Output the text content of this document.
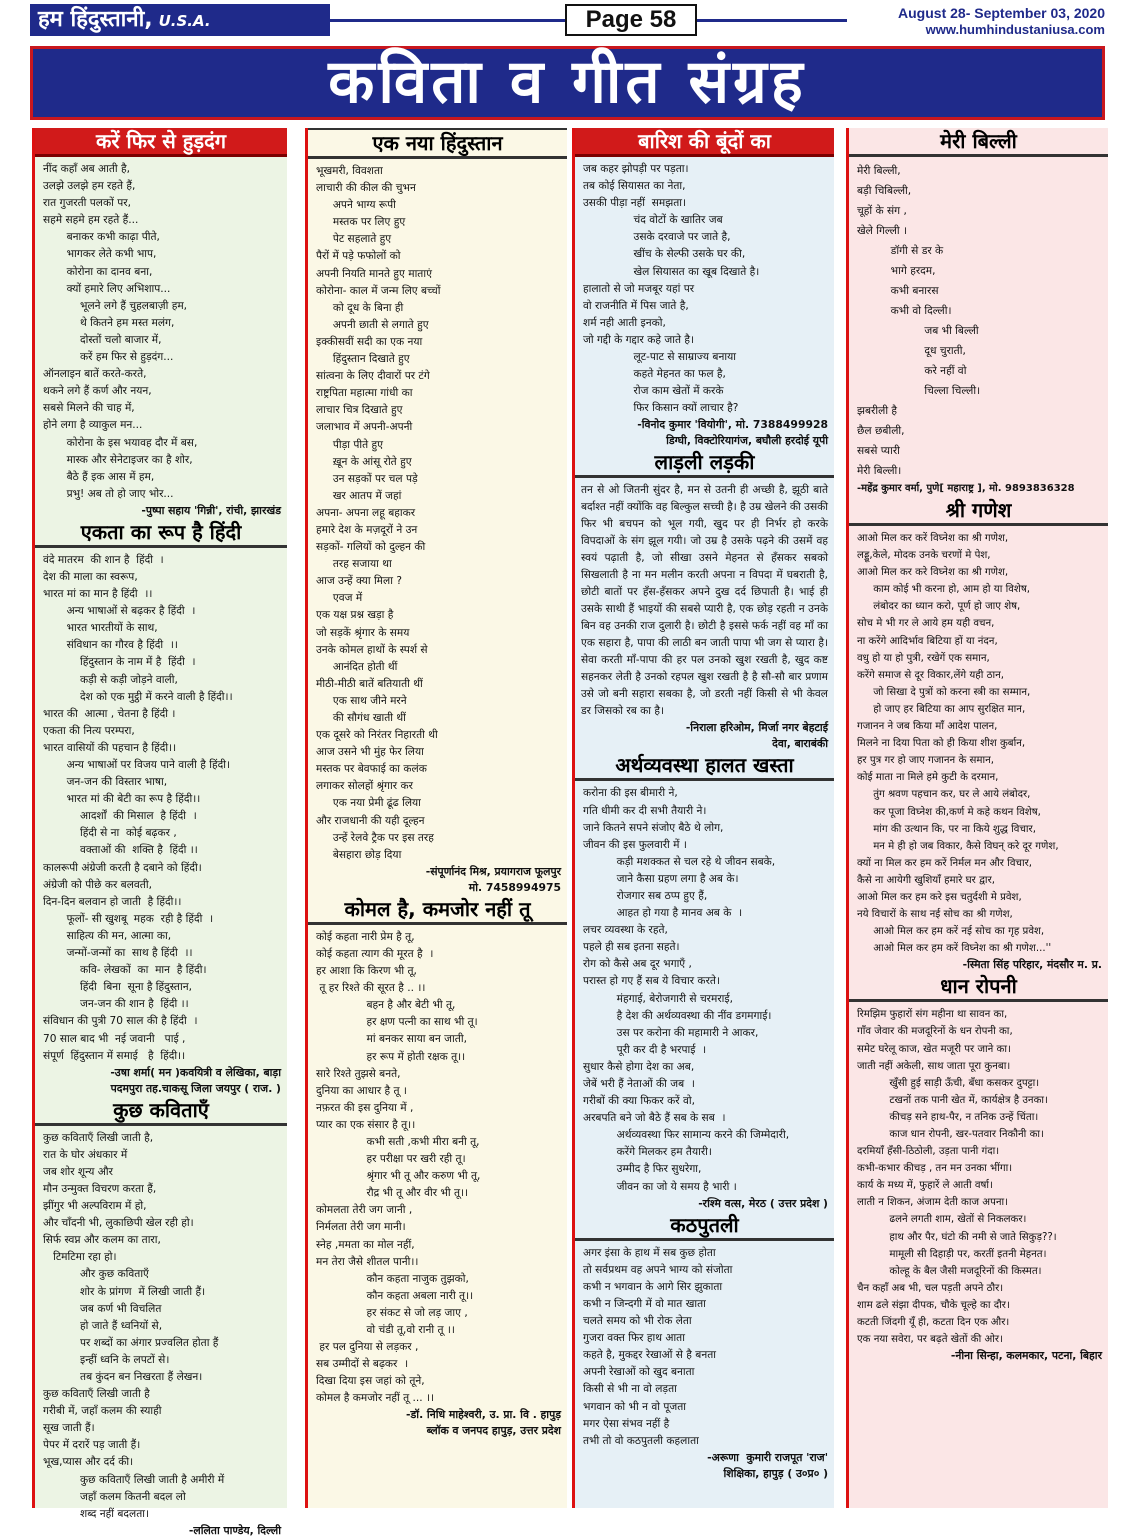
हम हिंदुस्तानी, U.S.A.	Page 58	August 28- September 03, 2020
www.humhindustaniusa.com
कविता व गीत संग्रह
करें फिर से हुड़दंग
नींद कहाँ अब आती है,
उलझे उलझे हम रहते हैं,
रात गुजरती पलकों पर,
सहमे सहमे हम रहते हैं...
बनाकर कभी काढ़ा पीते,
भागकर लेते कभी भाप,
कोरोना का दानव बना,
क्यों हमारे लिए अभिशाप...
भूलने लगे हैं चुहलबाज़ी हम,
थे कितने हम मस्त मलंग,
दोस्तों चलो बाजार में,
करें हम फिर से हुड़दंग...
ऑनलाइन बातें करते-करते,
थकने लगे हैं कर्ण और नयन,
सबसे मिलने की चाह में,
होने लगा है व्याकुल मन...
कोरोना के इस भयावह दौर में बस,
मास्क और सेनेटाइजर का है शोर,
बैठे हैं इक आस में हम,
प्रभु! अब तो हो जाए भोर...
-पुष्पा सहाय 'गिन्नी', रांची, झारखंड
एकता का रूप है हिंदी
वंदे मातरम  की शान है  हिंदी  ।
देश की माला का स्वरूप,
भारत मां का मान है हिंदी  ।।
अन्य भाषाओं से बढ़कर है हिंदी  ।
भारत भारतीयों के साथ,
संविधान का गौरव है हिंदी  ।।
हिंदुस्तान के नाम में है  हिंदी  ।
कड़ी से कड़ी जोड़ने वाली,
देश को एक मुट्ठी में करने वाली है हिंदी।।
भारत की  आत्मा , चेतना है हिंदी ।
एकता की नित्य परम्परा,
भारत वासियों की पहचान है हिंदी।।
अन्य भाषाओं पर विजय पाने वाली है हिंदी।
जन-जन की विस्तार भाषा,
भारत मां की बेटी का रूप है हिंदी।।
आदर्शों  की मिसाल  है हिंदी  ।
हिंदी से ना  कोई बढ़कर ,
वक्ताओं की  शक्ति है  हिंदी ।।
कालरूपी अंग्रेजी करती है दबाने को हिंदी।
अंग्रेजी को पीछे कर बलवती,
दिन-दिन बलवान हो जाती  है हिंदी।।
फूलों- सी खुशबू  महक  रही है हिंदी  ।
साहित्य की मन, आत्मा का,
जन्मों-जन्मों का  साथ है हिंदी  ।।
कवि- लेखकों  का  मान  है हिंदी।
हिंदी  बिना  सूना है हिंदुस्तान,
जन-जन की शान है  हिंदी ।।
संविधान की पुत्री 70 साल की है हिंदी  ।
70 साल बाद भी  नई जवानी   पाई ,
संपूर्ण  हिंदुस्तान में समाई   है  हिंदी।।
-उषा शर्मा( मन )कवयित्री व लेखिका, बाड़ा
पदमपुरा तह.चाकसू जिला जयपुर ( राज. )
कुछ कविताएँ
कुछ कविताएँ लिखी जाती है,
रात के घोर अंधकार में
जब शोर शून्य और
मौन उन्मुक्त विचरण करता हैं,
झींगुर भी अल्पविराम में हो,
और चाँदनी भी, लुकाछिपी खेल रही हो।
सिर्फ स्वप्न और कलम का तारा,
टिमटिमा रहा हो।
और कुछ कविताएँ
शोर के प्रांगण  में लिखी जाती हैं।
जब कर्ण भी विचलित
हो जाते हैं ध्वनियों से,
पर शब्दों का अंगार प्रज्वलित होता हैं
इन्हीं ध्वनि के लपटों से।
तब कुंदन बन निखरता हैं लेखन।
कुछ कविताएँ लिखी जाती है
गरीबी में, जहाँ कलम की स्याही
सूख जाती हैं।
पेपर में दरारें पड़ जाती हैं।
भूख,प्यास और दर्द की।
कुछ कविताएँ लिखी जाती है अमीरी में
जहाँ कलम कितनी बदल लो
शब्द नहीं बदलता।
-ललिता पाण्डेय, दिल्ली
एक नया हिंदुस्तान
भूखमरी, विवशता
लाचारी की कील की चुभन
अपने भाग्य रूपी
मस्तक पर लिए हुए
पेट सहलाते हुए
पैरों में पड़े फफोलों को
अपनी नियति मानते हुए माताएं
कोरोना- काल में जन्म लिए बच्चों
को दूध के बिना ही
अपनी छाती से लगाते हुए
इक्कीसवीं सदी का एक नया
हिंदुस्तान दिखाते हुए
सांत्वना के लिए दीवारों पर टंगे
राष्ट्रपिता महात्मा गांधी का
लाचार चित्र दिखाते हुए
जलाभाव में अपनी-अपनी
पीड़ा पीते हुए
ख़ून के आंसू रोते हुए
उन सड़कों पर चल पड़े
खर आतप में जहां
अपना- अपना लहू बहाकर
हमारे देश के मज़दूरों ने उन
सड़कों- गलियों को दुल्हन की
तरह सजाया था
आज उन्हें क्या मिला ?
एवज में
एक यक्ष प्रश्न खड़ा है
जो सड़कें श्रृंगार के समय
उनके कोमल हाथों के स्पर्श से
आनंदित होती थीं
मीठी-मीठी बातें बतियाती थीं
एक साथ जीने मरने
की सौगंध खाती थीं
एक दूसरे को निरंतर निहारती थी
आज उसने भी मुंह फेर लिया
मस्तक पर बेवफाई का कलंक
लगाकर सोलहों श्रृंगार कर
एक नया प्रेमी ढूंढ लिया
और राजधानी की यही दूल्हन
उन्हें रेलवे ट्रैक पर इस तरह
बेसहारा छोड़ दिया
-संपूर्णानंद मिश्र, प्रयागराज फूलपुर
मो. 7458994975
कोमल है, कमजोर नहीं तू
कोई कहता नारी प्रेम है तू,
कोई कहता त्याग की मूरत है  ।
हर आशा कि किरण भी तू,
तू हर रिश्ते की सूरत है .. ।।
बहन है और बेटी भी तू,
हर क्षण पत्नी का साथ भी तू।
मां बनकर साया बन जाती,
हर रूप में होती रक्षक तू।।
सारे रिश्ते तुझसे बनते,
दुनिया का आधार है तू ।
नफ़रत की इस दुनिया में ,
प्यार का एक संसार है तू।।
कभी सती ,कभी मीरा बनी तू,
हर परीक्षा पर खरी रही तू।
श्रृंगार भी तू और करुण भी तू,
रौद्र भी तू और वीर भी तू।।
कोमलता तेरी जग जानी ,
निर्मलता तेरी जग मानी।
स्नेह ,ममता का मोल नहीं,
मन तेरा जैसे शीतल पानी।।
कौन कहता नाजुक तुझको,
कौन कहता अबला नारी तू।।
हर संकट से जो लड़ जाए ,
वो चंडी तू,वो रानी तू ।।
हर पल दुनिया से लड़कर ,
सब उम्मीदों से बढ़कर  ।
दिखा दिया इस जहां को तूने,
कोमल है कमजोर नहीं तू ... ।।
-डॉ. निधि माहेश्वरी, उ. प्रा. वि . हापुड़
ब्लॉक व जनपद हापुड़, उत्तर प्रदेश
बारिश की बूंदों का
जब कहर झोपड़ी पर पड़ता।
तब कोई सियासत का नेता,
उसकी पीड़ा नहीं  समझता।
चंद वोटों के खातिर जब
उसके दरवाजे पर जाते है,
खींच के सेल्फी उसके घर की,
खेल सियासत का खूब दिखाते है।
हालातो से जो मजबूर यहां पर
वो राजनीति में पिस जाते है,
शर्म नही आती इनको,
जो गद्दी के गद्दार कहे जाते है।
लूट-पाट से साम्राज्य बनाया
कहते मेहनत का फल है,
रोज काम खेतों में करके
फिर किसान क्यों लाचार है?
-विनोद कुमार 'वियोगी', मो. 7388499928
डिग्घी, विक्टोरियागंज, बघौली हरदोई यूपी
लाड़ली लड़की
तन से ओ जितनी सुंदर है, मन से उतनी ही अच्छी है, झूठी बाते बर्दाश्त नहीं क्योंकि वह बिल्कुल सच्ची है। है उम्र खेलने की उसकी फिर भी बचपन को भूल गयी, खुद पर ही निर्भर हो करके विपदाओं के संग झूल गयी। जो उम्र है उसके पढ़ने की उसमें वह स्वयं पढ़ाती है, जो सीखा उसने मेहनत से हँसकर सबको सिखलाती है ना मन मलीन करती अपना न विपदा में घबराती है, छोटी बातों पर हँस-हँसकर अपने दुख दर्द छिपाती है। भाई ही उसके साथी हैं भाइयों की सबसे प्यारी है, एक छोड़ रहती न उनके बिन वह उनकी राज दुलारी है। छोटी है इससे फर्क नहीं वह माँ का एक सहारा है, पापा की लाठी बन जाती पापा भी जग से प्यारा है। सेवा करती माँ-पापा की हर पल उनको खुश रखती है, खुद कष्ट सहनकर लेती है उनको रहपल खुश रखती है है सौ-सौ बार प्रणाम उसे जो बनी सहारा सबका है, जो डरती नहीं किसी से भी केवल डर जिसको रब का है।
-निराला हरिओम, मिर्जा नगर बेहटाई
देवा, बाराबंकी
अर्थव्यवस्था हालत खस्ता
करोना की इस बीमारी ने,
गति धीमी कर दी सभी तैयारी ने।
जाने कितने सपने संजोए बैठे थे लोग,
जीवन की इस फुलवारी में ।
कड़ी मशक्कत से चल रहे थे जीवन सबके,
जाने कैसा ग्रहण लगा है अब के।
रोजगार सब ठप्प हुए हैं,
आहत हो गया है मानव अब के  ।
लचर व्यवस्था के रहते,
पहले ही सब इतना सहते।
रोग को कैसे अब दूर भगाएँ ,
परास्त हो गए हैं सब ये विचार करते।
मंहगाई, बेरोजगारी से चरमराई,
है देश की अर्थव्यवस्था की नींव डगमगाई।
उस पर करोना की महामारी ने आकर,
पूरी कर दी है भरपाई  ।
सुधार कैसे होगा देश का अब,
जेबें भरी हैं नेताओं की जब  ।
गरीबों की क्या फिकर करें वो,
अरबपति बने जो बैठे हैं सब के सब  ।
अर्थव्यवस्था फिर सामान्य करने की जिम्मेदारी,
करेंगे मिलकर हम तैयारी।
उम्मीद है फिर सुधरेगा,
जीवन का जो ये समय है भारी ।
-रश्मि वत्स, मेरठ ( उत्तर प्रदेश )
कठपुतली
अगर इंसा के हाथ में सब कुछ होता
तो सर्वप्रथम वह अपने भाग्य को संजोता
कभी न भगवान के आगे सिर झुकाता
कभी न जिन्दगी में वो मात खाता
चलते समय को भी रोक लेता
गुजरा वक्त फिर हाथ आता
कहते है, मुकद्दर रेखाओं से है बनता
अपनी रेखाओं को खुद बनाता
किसी से भी ना वो लड़ता
भगवान को भी न वो पूजता
मगर ऐसा संभव नहीं है
तभी तो वो कठपुतली कहलाता
-अरूणा  कुमारी राजपूत 'राज'
शिक्षिका, हापुड़ ( उ०प्र० )
मेरी बिल्ली
मेरी बिल्ली,
बड़ी चिबिल्ली,
चूहों के संग ,
खेले गिल्ली ।
डॉगी से डर के
भागे हरदम,
कभी बनारस
कभी वो दिल्ली।
जब भी बिल्ली
दूध चुराती,
करे नहीं वो
चिल्ला चिल्ली।
झबरीली है
छैल छबीली,
सबसे प्यारी
मेरी बिल्ली।
-महेंद्र कुमार वर्मा, पुणे[ महाराष्ट्र ], मो. 9893836328
श्री गणेश
आओ मिल कर करें विघ्नेश का श्री गणेश,
लड्डू,केले, मोदक उनके चरणों मे पेश,
आओ मिल कर करे विघ्नेश का श्री गणेश,
काम कोई भी करना हो, आम हो या विशेष,
लंबोदर का ध्यान करो, पूर्ण हो जाए शेष,
सोच मे भी गर ले आये हम यही वचन,
ना करेंगे आदिर्भाव बिटिया हों या नंदन,
वधु हो या हो पुत्री, रखेगें एक समान,
करेंगे समाज से दूर विकार,लेंगे यही ठान,
जो सिखा दे पुत्रों को करना स्त्री का सम्मान,
हो जाए हर बिटिया का आप सुरक्षित मान,
गजानन ने जब किया माँ आदेश पालन,
मिलने ना दिया पिता को ही किया शीश कुर्बान,
हर पुत्र गर हो जाए गजानन के समान,
कोई माता ना मिले हमे कुटी के दरमान,
तुंग श्रवण पहचान कर, घर ले आये लंबोदर,
कर पूजा विघ्नेश की,कर्ण मे कहे कथन विशेष,
मांग की उत्थान कि, पर ना किये शुद्ध विचार,
मन मे ही हो जब विकार, कैसे विघन् करे दूर गणेश,
क्यों ना मिल कर हम करें निर्मल मन और विचार,
कैसे ना आयेगी खुशियाँ हमारे घर द्वार,
आओ मिल कर हम करे इस चतुर्दशी मे प्रवेश,
नये विचारों के साथ नई सोच का श्री गणेश,
आओ मिल कर हम करें नई सोच का गृह प्रवेश,
आओ मिल कर हम करें विघ्नेश का श्री गणेश...''
-स्मिता सिंह परिहार, मंदसौर म. प्र.
धान रोपनी
रिमझिम फुहारों संग महीना था सावन का,
गाँव जेवार की मजदूरिनों के धन रोपनी का,
समेट घरेलू काज, खेत मजूरी पर जाने का।
जाती नहीं अकेली, साथ जाता पूरा कुनबा।
खुँसी हुई साड़ी ऊँची, बँधा कसकर दुपट्टा।
टखनों तक पानी खेत में, कार्यक्षेत्र है उनका।
कीचड़ सने हाथ-पैर, न तनिक उन्हें चिंता।
काज धान रोपनी, खर-पतवार निकौनी का।
दरमियाँ हँसी-ठिठोली, उड़ता पानी गंदा।
कभी-कभार कीचड़ , तन मन उनका भींगा।
कार्य के मध्य में, फुहारें ले आती वर्षा।
लाती न शिकन, अंजाम देती काज अपना।
ढलने लगती शाम, खेतों से निकलकर।
हाथ और पैर, घंटो की नमी से जाते सिकुड़??।
मामूली सी दिहाड़ी पर, करतीं इतनी मेहनत।
कोल्हू के बैल जैसी मजदूरिनों की किस्मत।
चैन कहाँ अब भी, चल पड़ती अपने ठौर।
शाम ढले संझा दीपक, चौके चूल्हे का दौर।
कटती जिंदगी यूँ ही, कटता दिन एक और।
एक नया सवेरा, पर बढ़ते खेतों की ओर।
-नीना सिन्हा, कलमकार, पटना, बिहार
